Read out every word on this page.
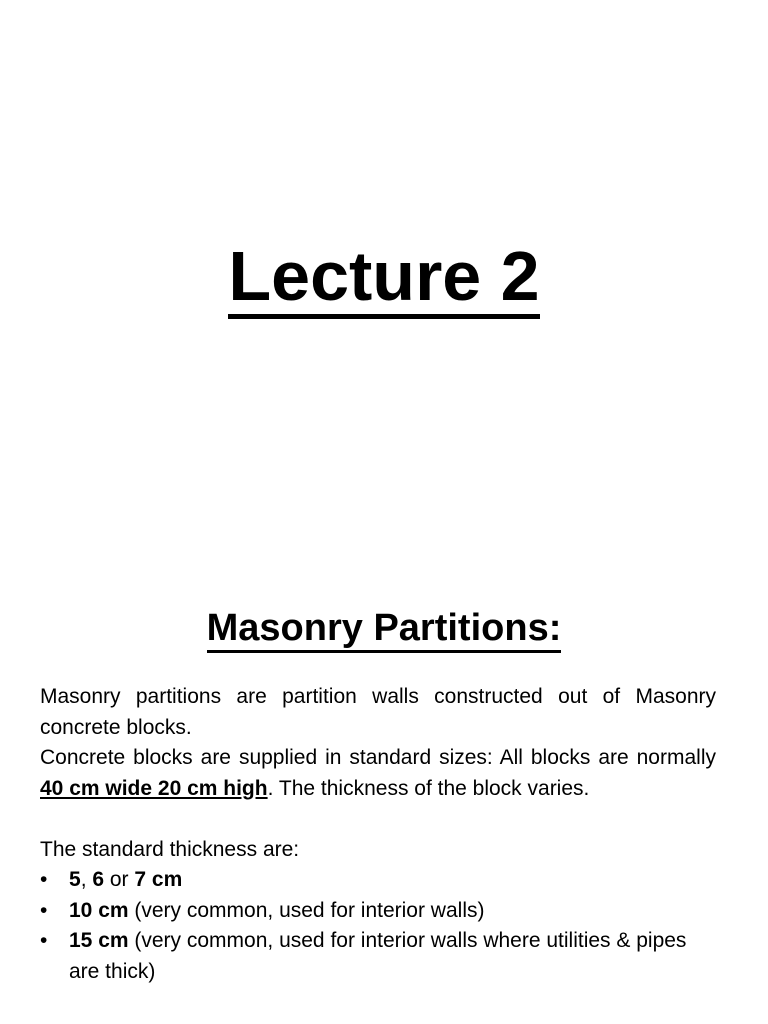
Lecture 2
Masonry Partitions:

Masonry partitions are partition walls constructed out of Masonry concrete blocks.

Concrete blocks are supplied in standard sizes: All blocks are normally 40 cm wide 20 cm high. The thickness of the block varies.

The standard thickness are:

• 5, 6 or 7 cm
• 10 cm (very common, used for interior walls)
• 15 cm (very common, used for interior walls where utilities & pipes are thick)
